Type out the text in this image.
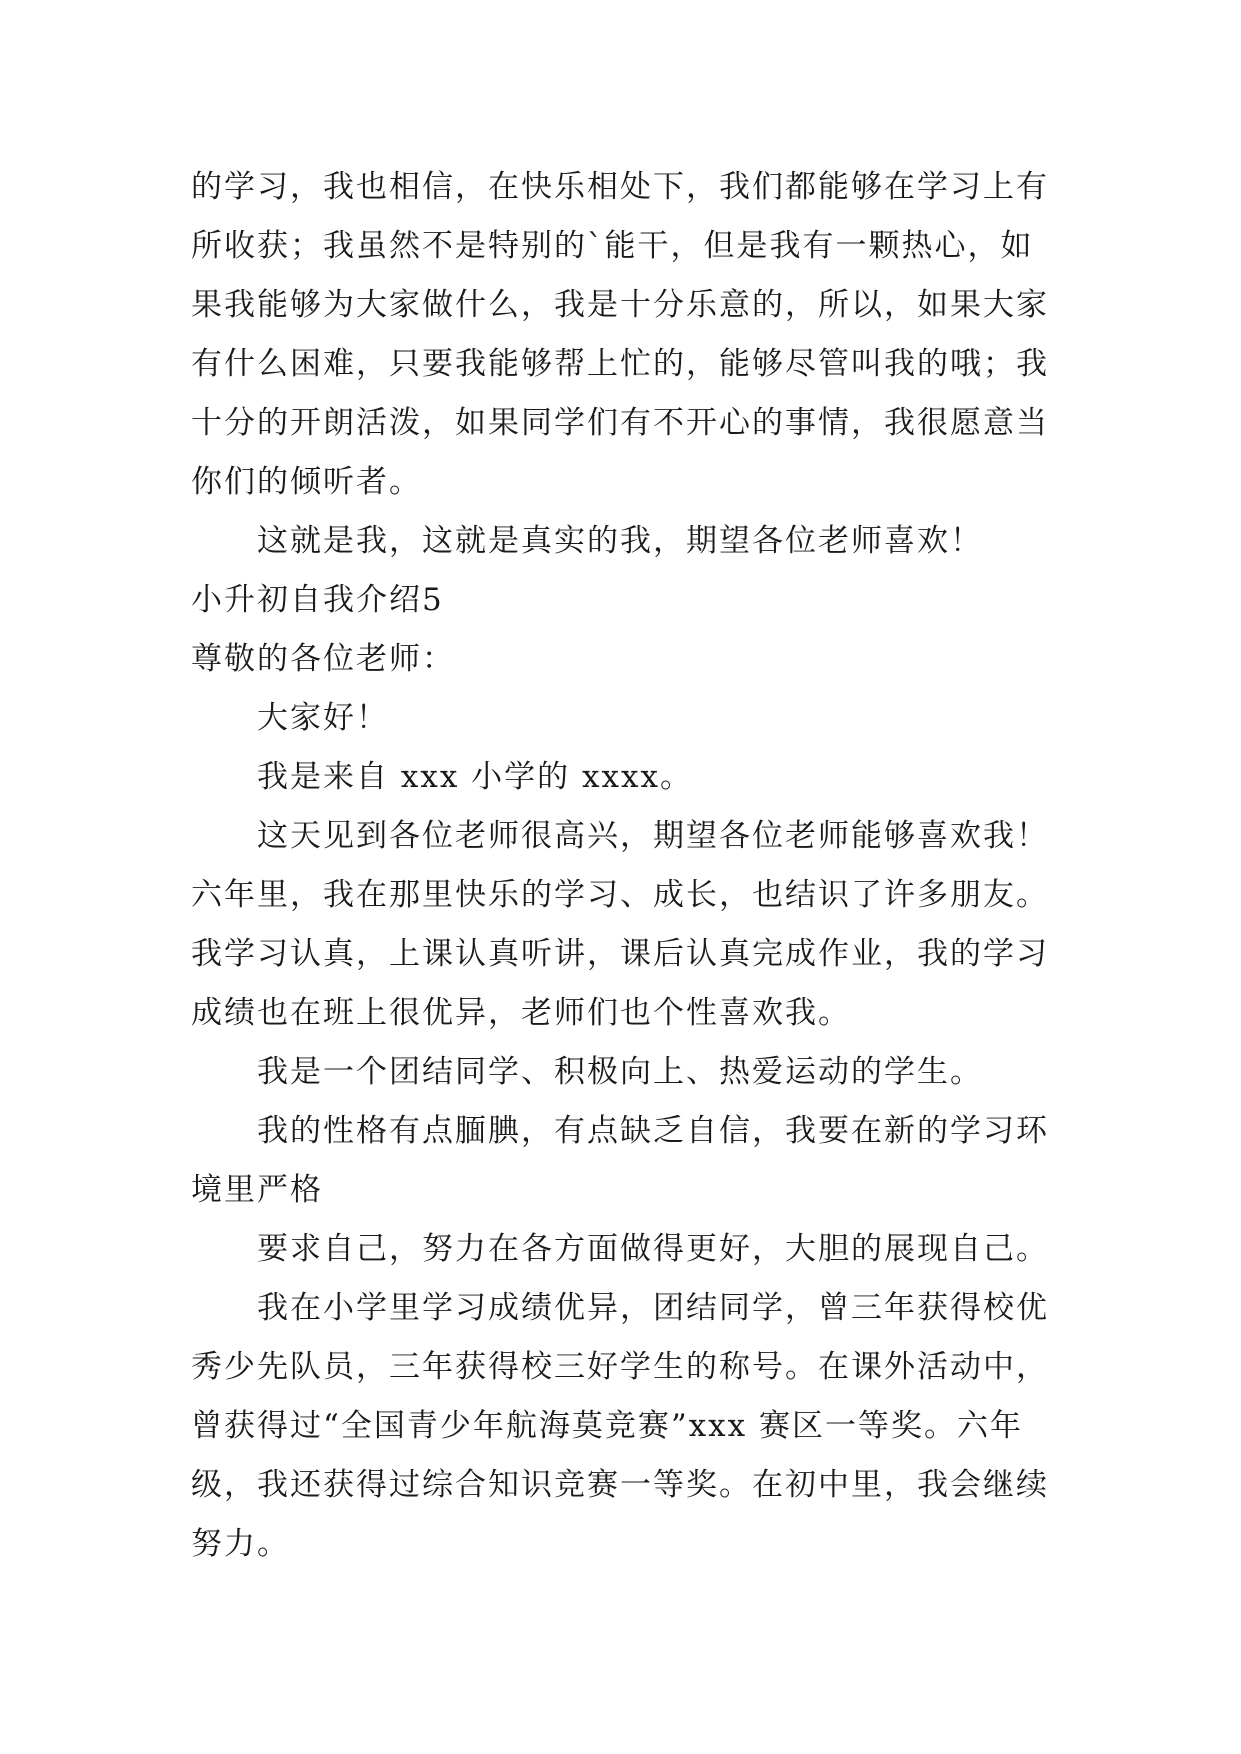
的学习，我也相信，在快乐相处下，我们都能够在学习上有
所收获；我虽然不是特别的`能干，但是我有一颗热心，如
果我能够为大家做什么，我是十分乐意的，所以，如果大家
有什么困难，只要我能够帮上忙的，能够尽管叫我的哦；我
十分的开朗活泼，如果同学们有不开心的事情，我很愿意当
你们的倾听者。
这就是我，这就是真实的我，期望各位老师喜欢！
小升初自我介绍5
尊敬的各位老师：
大家好！
我是来自 xxx 小学的 xxxx。
这天见到各位老师很高兴，期望各位老师能够喜欢我！
六年里，我在那里快乐的学习、成长，也结识了许多朋友。
我学习认真，上课认真听讲，课后认真完成作业，我的学习
成绩也在班上很优异，老师们也个性喜欢我。
我是一个团结同学、积极向上、热爱运动的学生。
我的性格有点腼腆，有点缺乏自信，我要在新的学习环
境里严格
要求自己，努力在各方面做得更好，大胆的展现自己。
我在小学里学习成绩优异，团结同学，曾三年获得校优
秀少先队员，三年获得校三好学生的称号。在课外活动中，
曾获得过“全国青少年航海莫竞赛”xxx 赛区一等奖。六年
级，我还获得过综合知识竞赛一等奖。在初中里，我会继续
努力。
